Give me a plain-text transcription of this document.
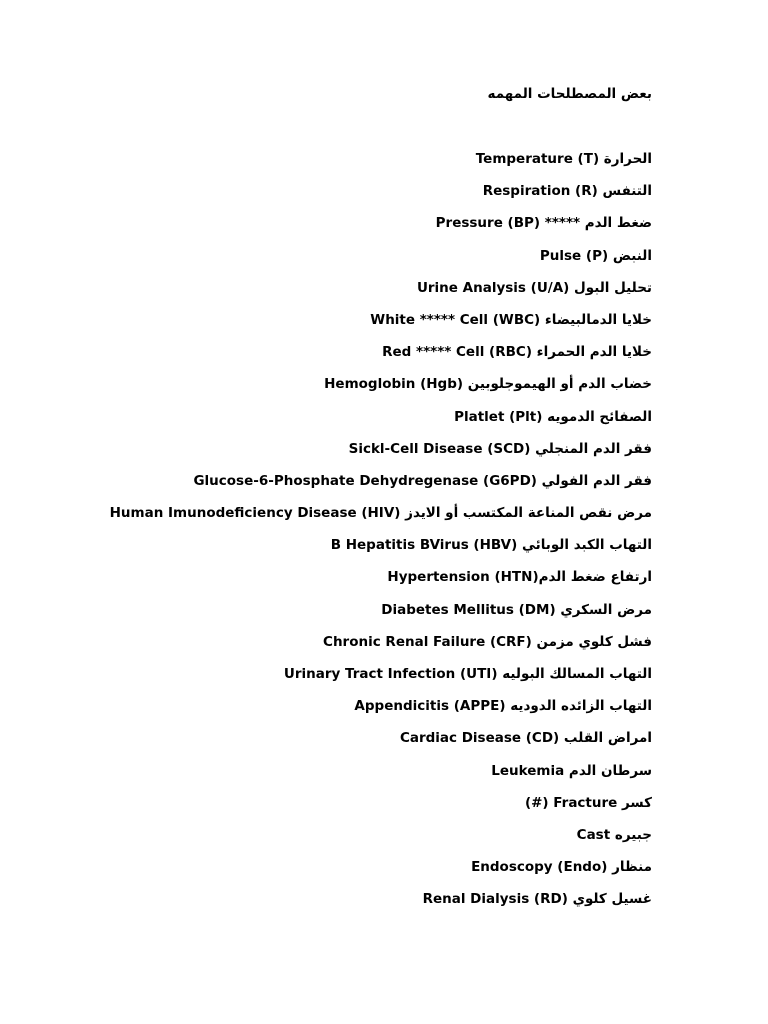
بعض المصطلحات المهمه
الحرارة (Temperature (T
التنفس (Respiration (R
ضغط الدم ***** (Pressure (BP
النبض (Pulse (P
تحليل البول (Urine Analysis (U/A
خلايا الدمالبيضاء (White ***** Cell (WBC
خلايا الدم الحمراء (Red ***** Cell (RBC
خضاب الدم أو الهيموجلوبين (Hemoglobin (Hgb
الصفائح الدمويه (Platlet (Plt
فقر الدم المنجلي (Sickl-Cell Disease (SCD
فقر الدم الفولي (Glucose-6-Phosphate Dehydregenase (G6PD
مرض نقص المناعة المكتسب أو الايدز (Human Imunodeficiency Disease (HIV
التهاب الكبد الوبائي (B Hepatitis BVirus (HBV
ارتفاع ضغط الدم(Hypertension (HTN
مرض السكري (Diabetes Mellitus (DM
فشل كلوي مزمن (Chronic Renal Failure (CRF
التهاب المسالك البوليه (Urinary Tract Infection (UTI
التهاب الزائده الدوديه (Appendicitis (APPE
امراض القلب (Cardiac Disease (CD
سرطان الدم Leukemia
كسر Fracture (#)
جبيره Cast
منظار (Endoscopy (Endo
غسيل كلوي (Renal Dialysis (RD
